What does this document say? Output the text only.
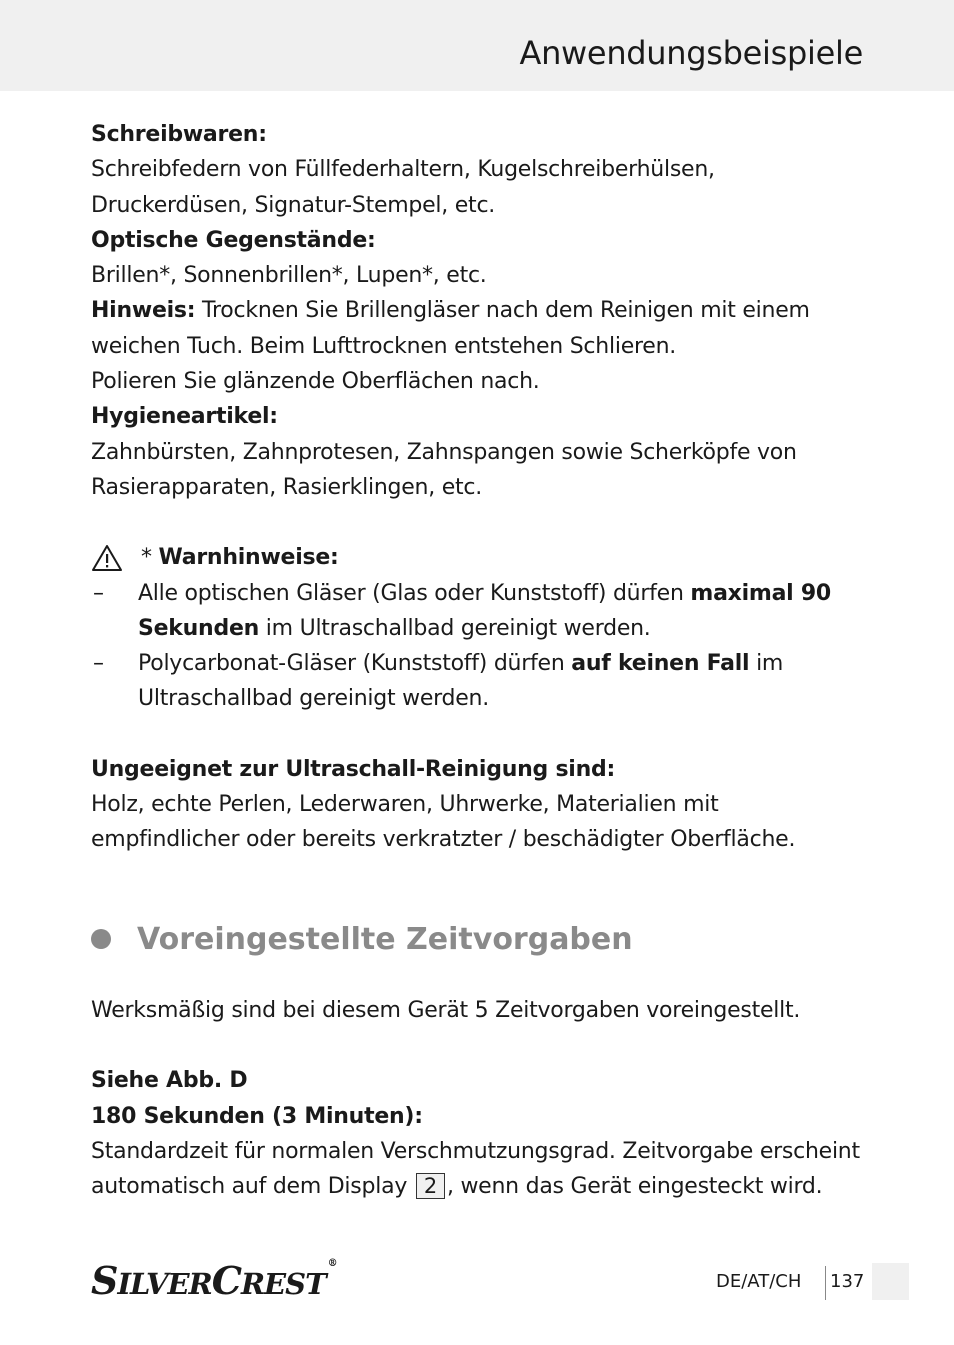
Anwendungsbeispiele

Schreibwaren:

Schreibfedern von Füllfederhaltern, Kugelschreiberhülsen, Druckerdüsen, Signatur-Stempel, etc.

Optische Gegenstände:

Brillen*, Sonnenbrillen*, Lupen*, etc.

Hinweis: Trocknen Sie Brillengläser nach dem Reinigen mit einem weichen Tuch. Beim Lufttrocknen entstehen Schlieren.

Polieren Sie glänzende Oberflächen nach.

Hygieneartikel:

Zahnbürsten, Zahnprotesen, Zahnspangen sowie Scherköpfe von Rasierapparaten, Rasierklingen, etc.

*
Warnhinweise:
–	Alle optischen Gläser (Glas oder Kunststoff) dürfen maximal 90 Sekunden im Ultraschallbad gereinigt werden.
–	Polycarbonat-Gläser (Kunststoff) dürfen auf keinen Fall im Ultraschallbad gereinigt werden.

Ungeeignet zur Ultraschall-Reinigung sind:

Holz, echte Perlen, Lederwaren, Uhrwerke, Materialien mit empfindlicher oder bereits verkratzter / beschädigter Oberfläche.

Voreingestellte Zeitvorgaben

Werksmäßig sind bei diesem Gerät 5 Zeitvorgaben voreingestellt.

Siehe Abb. D

180 Sekunden (3 Minuten):

Standardzeit für normalen Verschmutzungsgrad. Zeitvorgabe erscheint automatisch auf dem Display 2 , wenn das Gerät eingesteckt wird.

SILVERCREST®
DE/AT/CH 137
